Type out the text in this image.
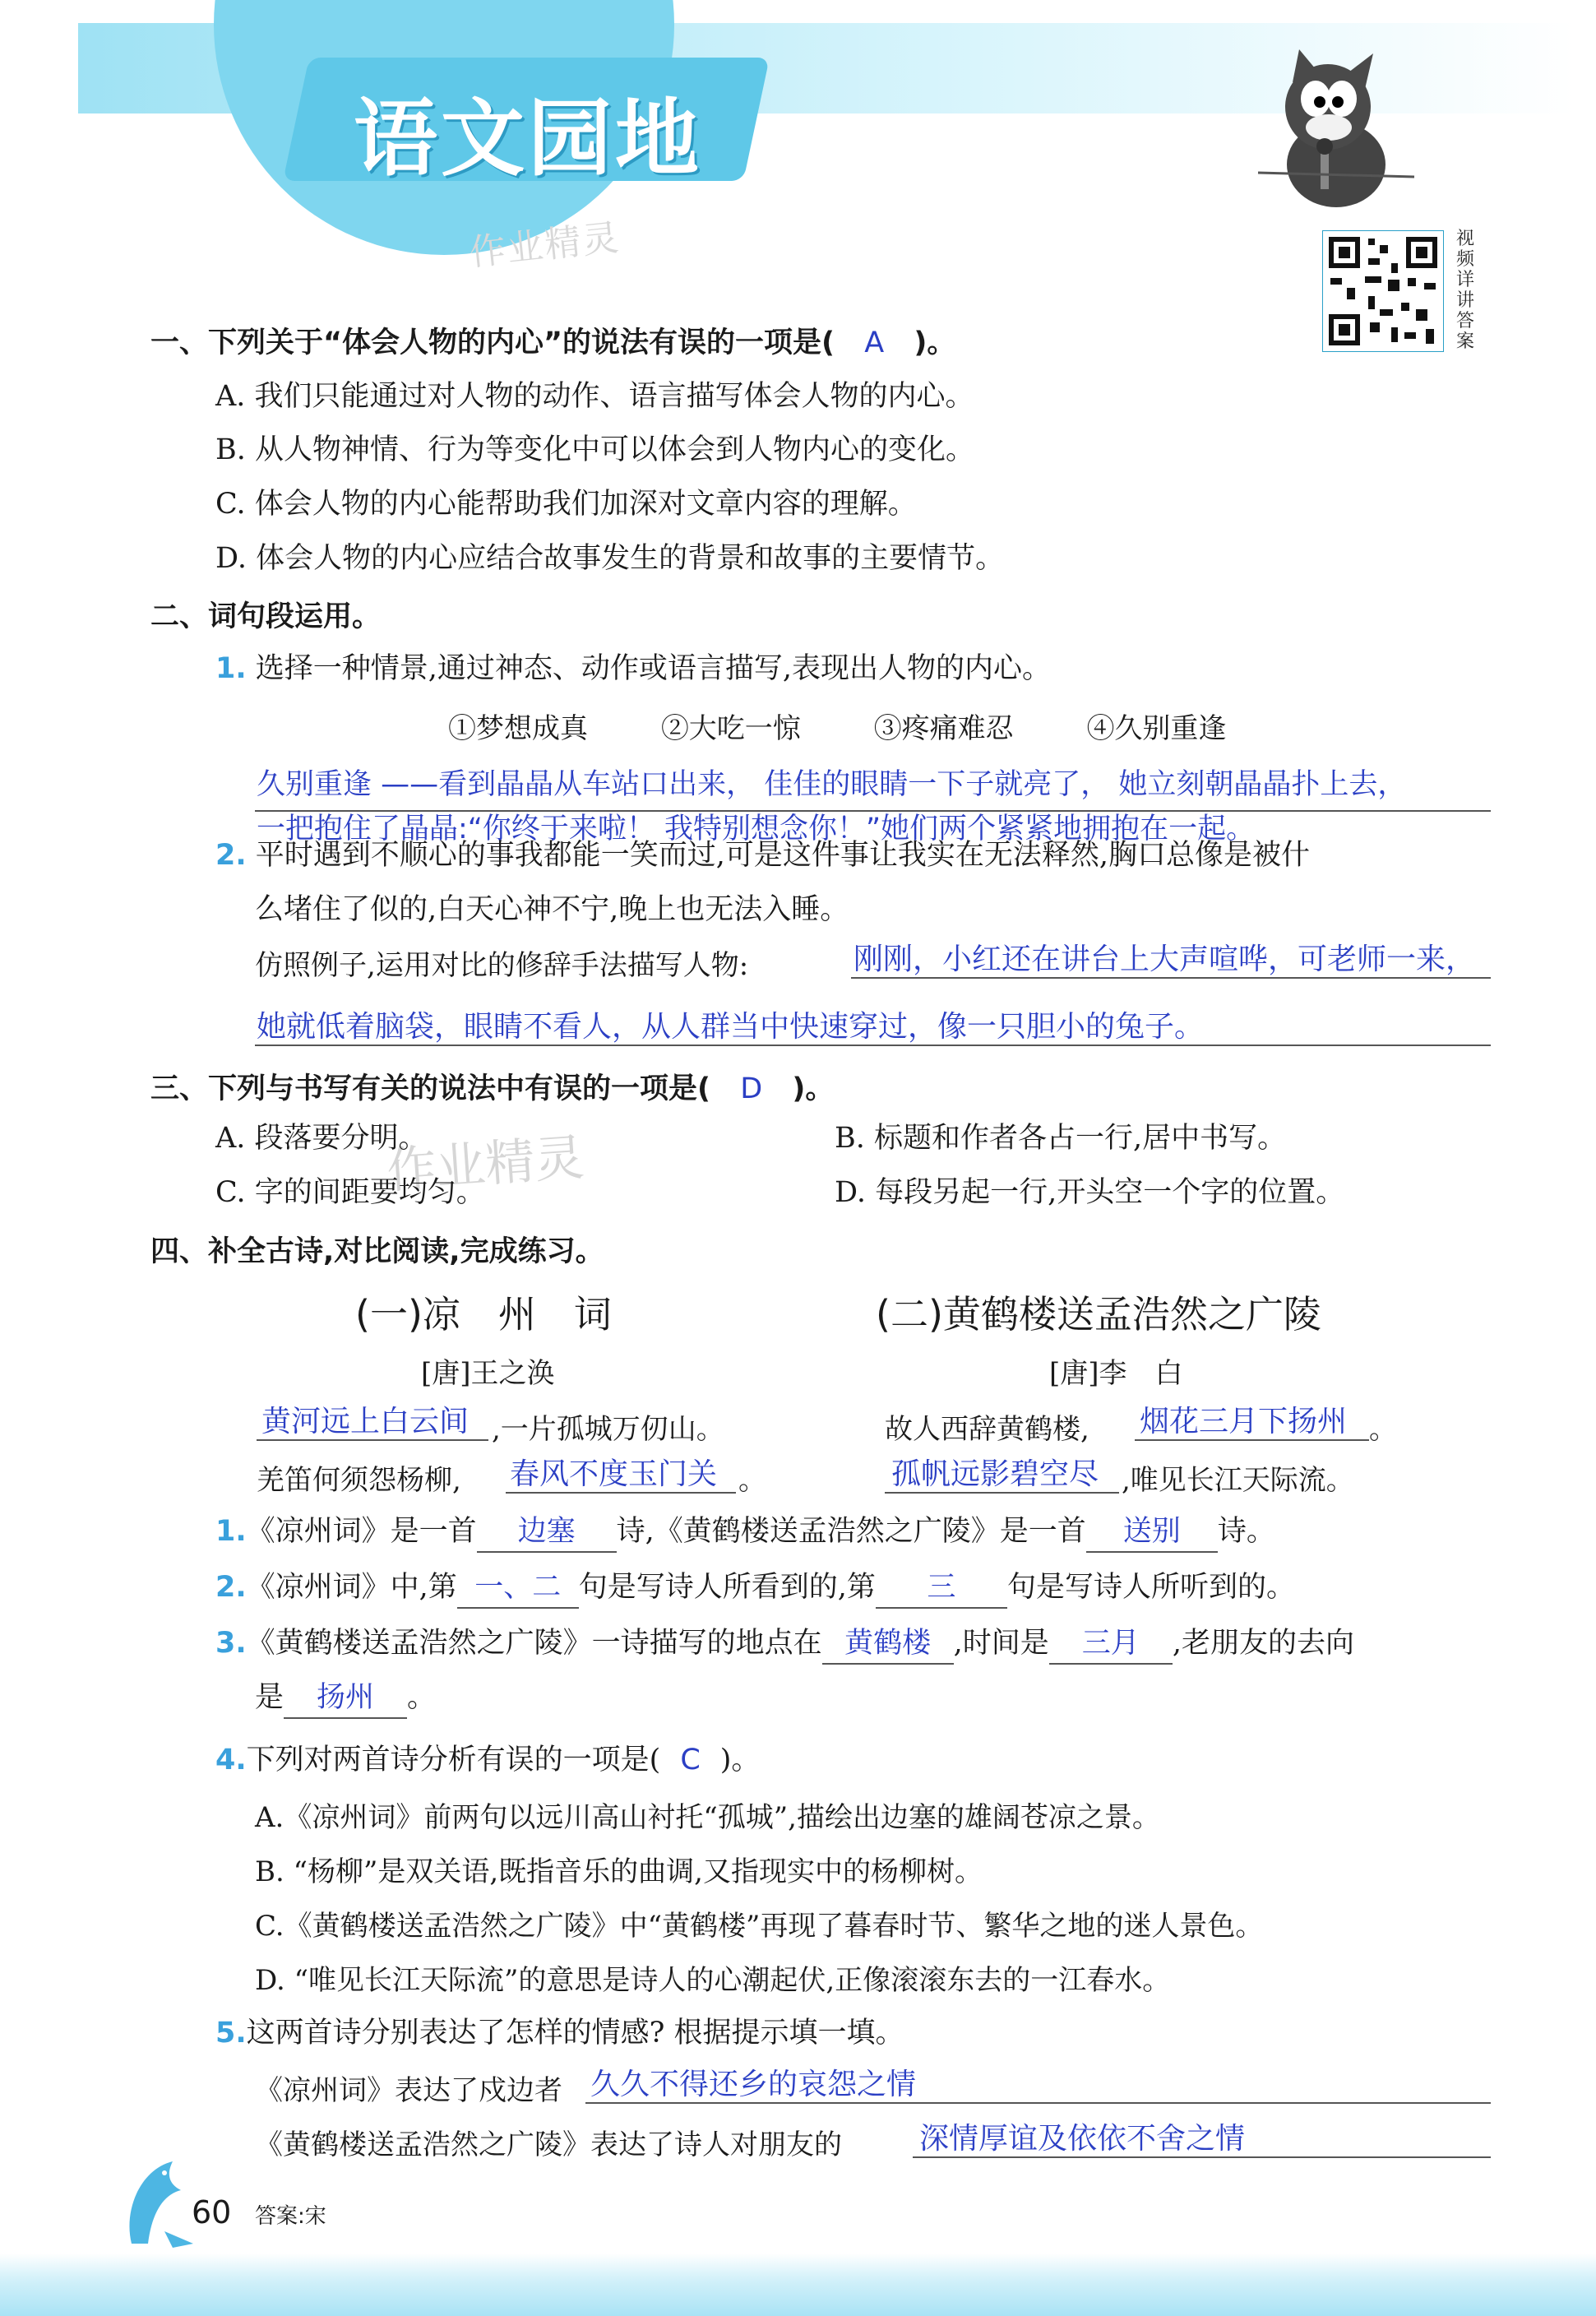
语文园地
作业精灵	视频详讲答案
一、下列关于“体会人物的内心”的说法有误的一项是( A )。
A. 我们只能通过对人物的动作、语言描写体会人物的内心。
B. 从人物神情、行为等变化中可以体会到人物内心的变化。
C. 体会人物的内心能帮助我们加深对文章内容的理解。
D. 体会人物的内心应结合故事发生的背景和故事的主要情节。
二、词句段运用。
1. 选择一种情景,通过神态、动作或语言描写,表现出人物的内心。
①梦想成真	②大吃一惊	③疼痛难忍	④久别重逢
久别重逢 ——看到晶晶从车站口出来， 佳佳的眼睛一下子就亮了， 她立刻朝晶晶扑上去，
一把抱住了晶晶:“你终于来啦！ 我特别想念你！”她们两个紧紧地拥抱在一起。
2. 平时遇到不顺心的事我都能一笑而过,可是这件事让我实在无法释然,胸口总像是被什
么堵住了似的,白天心神不宁,晚上也无法入睡。
仿照例子,运用对比的修辞手法描写人物:	刚刚，小红还在讲台上大声喧哗，可老师一来，
她就低着脑袋，眼睛不看人，从人群当中快速穿过，像一只胆小的兔子。
三、下列与书写有关的说法中有误的一项是( D )。
作业精灵
A. 段落要分明。	B. 标题和作者各占一行,居中书写。
C. 字的间距要均匀。	D. 每段另起一行,开头空一个字的位置。
四、补全古诗,对比阅读,完成练习。
(一)凉　州　词	(二)黄鹤楼送孟浩然之广陵
[唐]王之涣	[唐]李　白
黄河远上白云间 ,一片孤城万仞山。
羌笛何须怨杨柳, 春风不度玉门关 。
故人西辞黄鹤楼, 烟花三月下扬州 。
孤帆远影碧空尽 ,唯见长江天际流。
1.《凉州词》是一首 边塞 诗,《黄鹤楼送孟浩然之广陵》是一首 送别 诗。
2.《凉州词》中,第 一、二 句是写诗人所看到的,第 三 句是写诗人所听到的。
3.《黄鹤楼送孟浩然之广陵》一诗描写的地点在 黄鹤楼 ,时间是 三月 ,老朋友的去向
是 扬州 。
4.下列对两首诗分析有误的一项是( C )。
A.《凉州词》前两句以远川高山衬托“孤城”,描绘出边塞的雄阔苍凉之景。
B. “杨柳”是双关语,既指音乐的曲调,又指现实中的杨柳树。
C.《黄鹤楼送孟浩然之广陵》中“黄鹤楼”再现了暮春时节、繁华之地的迷人景色。
D. “唯见长江天际流”的意思是诗人的心潮起伏,正像滚滚东去的一江春水。
5.这两首诗分别表达了怎样的情感? 根据提示填一填。
《凉州词》表达了戍边者 久久不得还乡的哀怨之情
《黄鹤楼送孟浩然之广陵》表达了诗人对朋友的	深情厚谊及依依不舍之情
60 答案:宋
